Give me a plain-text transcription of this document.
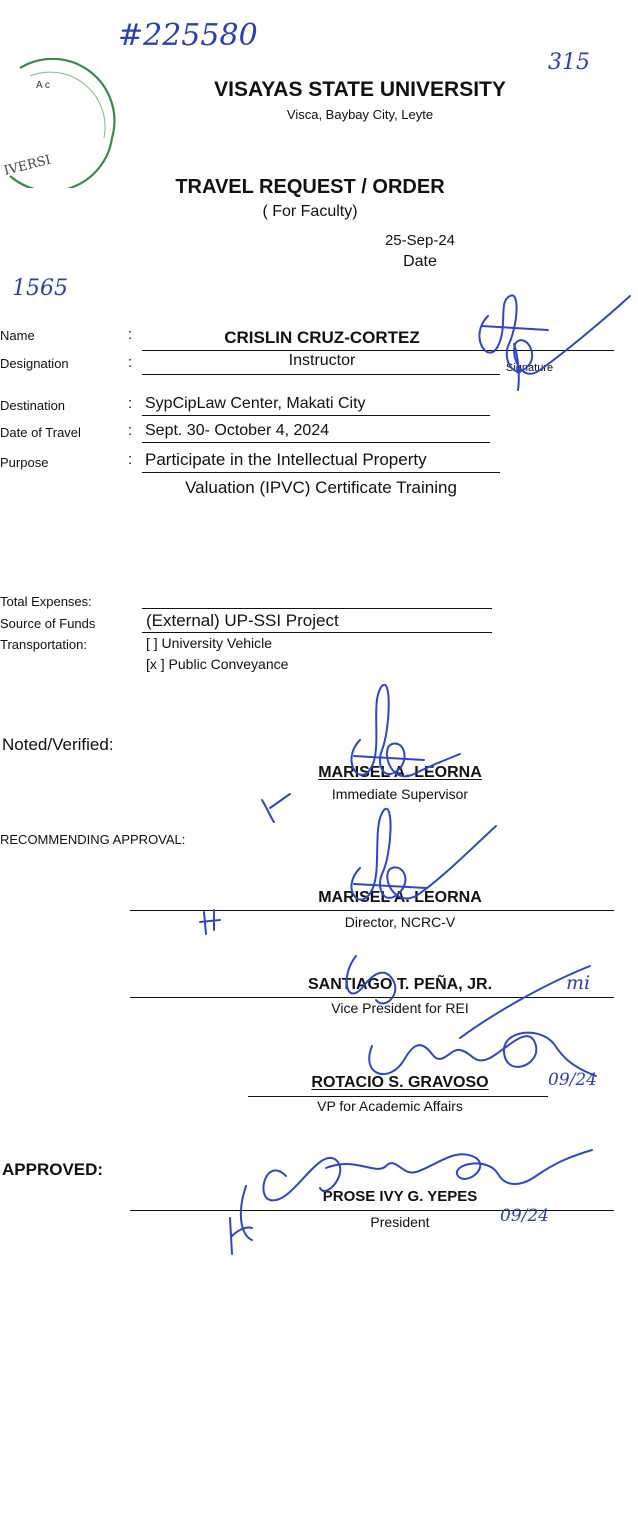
#225580
315
1565
A c
IVERSI
VISAYAS STATE UNIVERSITY
Visca, Baybay City, Leyte
TRAVEL REQUEST / ORDER
( For Faculty)
25-Sep-24
Date
Name	:	CRISLIN CRUZ-CORTEZ
Designation	:	Instructor	Signature
Destination	: SypCipLaw Center, Makati City
Date of Travel	: Sept. 30- October 4, 2024
Purpose	: Participate in the Intellectual Property
Valuation (IPVC) Certificate Training
Total Expenses:
Source of Funds	(External) UP-SSI Project
Transportation:	[ ] University Vehicle
[x ] Public Conveyance
Noted/Verified:
MARISEL A. LEORNA
Immediate Supervisor
RECOMMENDING APPROVAL:
MARISEL A. LEORNA
Director, NCRC-V
SANTIAGO T. PEÑA, JR.
Vice President for REI
mi
ROTACIO S. GRAVOSO
VP for Academic Affairs
09/24
APPROVED:
PROSE IVY G. YEPES
President	09/24
